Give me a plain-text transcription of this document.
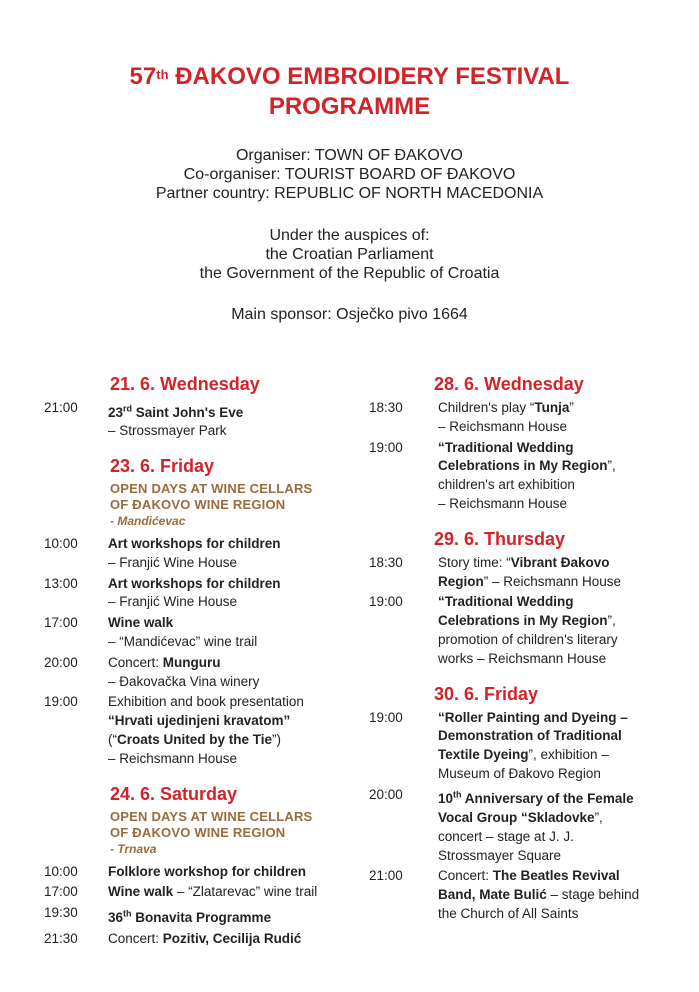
57th ĐAKOVO EMBROIDERY FESTIVAL
PROGRAMME
Organiser: TOWN OF ĐAKOVO
Co-organiser: TOURIST BOARD OF ĐAKOVO
Partner country: REPUBLIC OF NORTH MACEDONIA
Under the auspices of:
the Croatian Parliament
the Government of the Republic of Croatia
Main sponsor: Osječko pivo 1664
21. 6. Wednesday
21:00	23rd Saint John's Eve
– Strossmayer Park
23. 6. Friday
OPEN DAYS AT WINE CELLARS
OF ĐAKOVO WINE REGION
- Mandićevac
10:00	Art workshops for children
– Franjić Wine House
13:00	Art workshops for children
– Franjić Wine House
17:00	Wine walk
– “Mandićevac” wine trail
20:00	Concert: Munguru
– Đakovačka Vina winery
19:00	Exhibition and book presentation
“Hrvati ujedinjeni kravatom”
(“Croats United by the Tie”)
– Reichsmann House
24. 6. Saturday
OPEN DAYS AT WINE CELLARS
OF ĐAKOVO WINE REGION
- Trnava
10:00	Folklore workshop for children
17:00	Wine walk – “Zlatarevac” wine trail
19:30	36th Bonavita Programme
21:30	Concert: Pozitiv, Cecilija Rudić
28. 6. Wednesday
18:30	Children's play “Tunja”
– Reichsmann House
19:00	“Traditional Wedding
Celebrations in My Region”,
children's art exhibition
– Reichsmann House
29. 6. Thursday
18:30	Story time: “Vibrant Đakovo
Region” – Reichsmann House
19:00	“Traditional Wedding
Celebrations in My Region”,
promotion of children's literary
works – Reichsmann House
30. 6. Friday
19:00	“Roller Painting and Dyeing –
Demonstration of Traditional
Textile Dyeing”, exhibition –
Museum of Đakovo Region
20:00	10th Anniversary of the Female
Vocal Group “Skladovke”,
concert – stage at J. J.
Strossmayer Square
21:00	Concert: The Beatles Revival
Band, Mate Bulić – stage behind
the Church of All Saints
